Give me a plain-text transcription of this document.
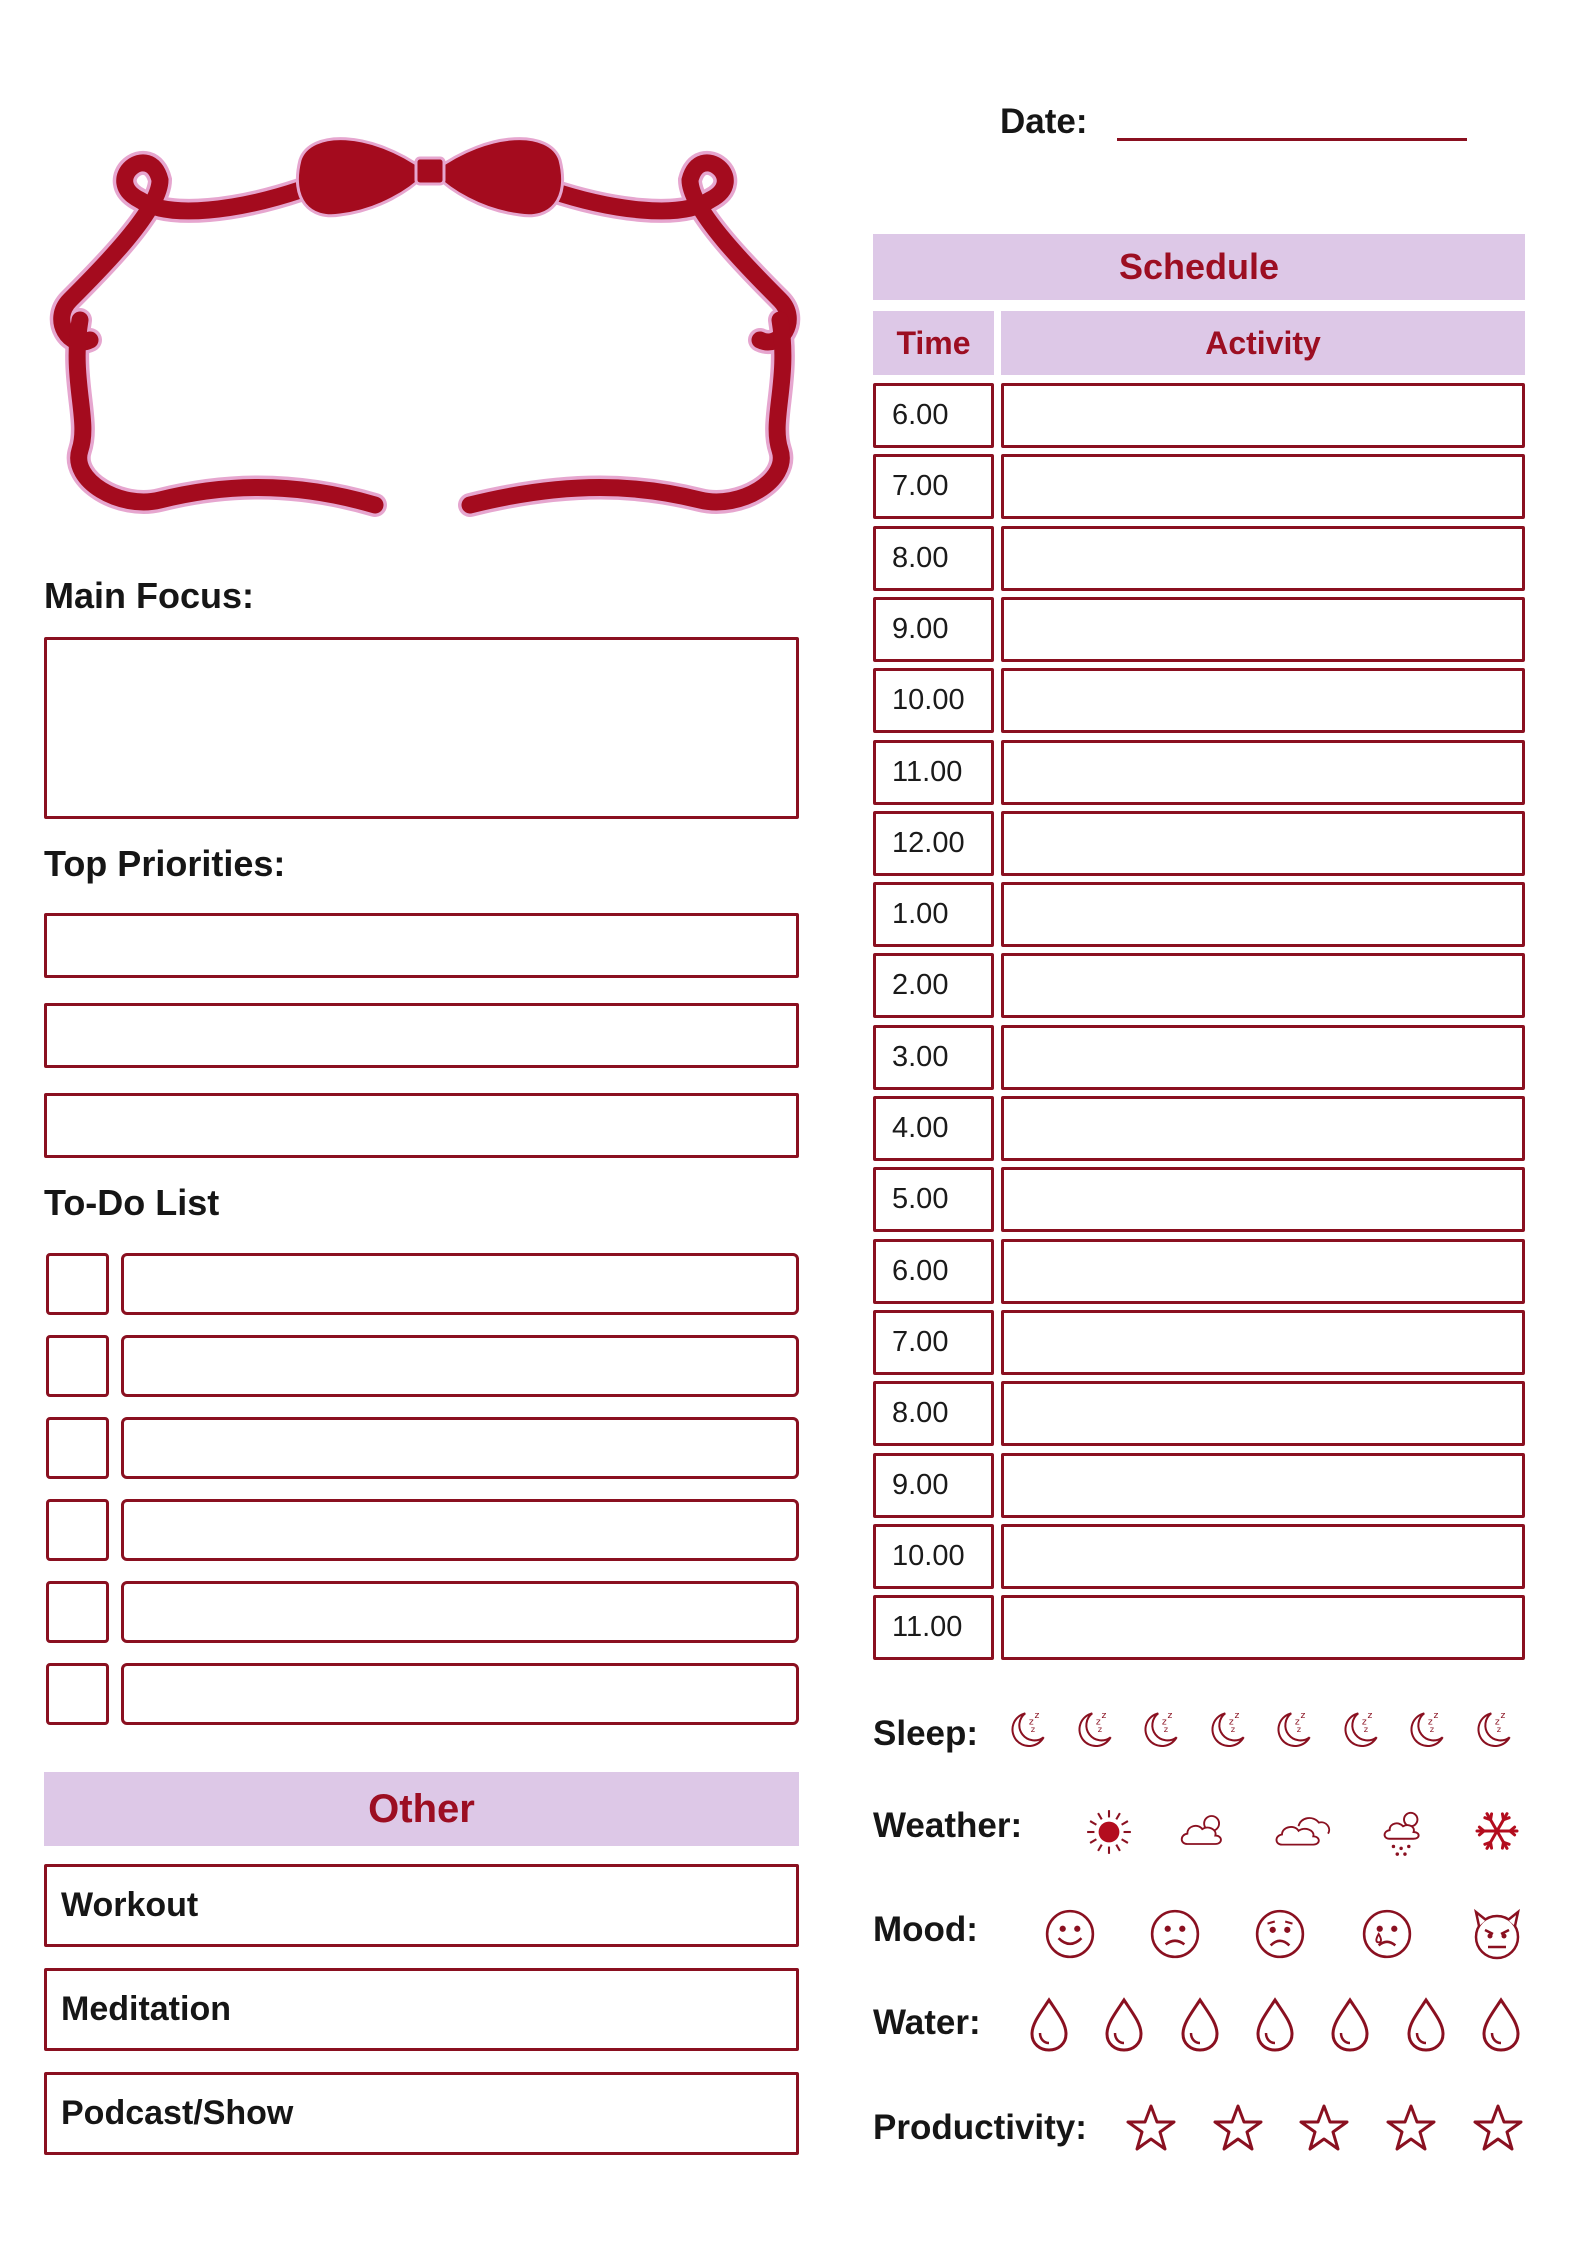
Date:
Main Focus:
Top Priorities:
To-Do List
Other
Workout
Meditation
Podcast/Show
Schedule
Time	Activity
6.00
7.00
8.00
9.00
10.00
11.00
12.00
1.00
2.00
3.00
4.00
5.00
6.00
7.00
8.00
9.00
10.00
11.00
Sleep:
Weather:
Mood:
Water:
Productivity:
z
z
z
z
z
z
z
z
z
z
z
z
z
z
z
z
z
z
z
z
z
z
z
z
